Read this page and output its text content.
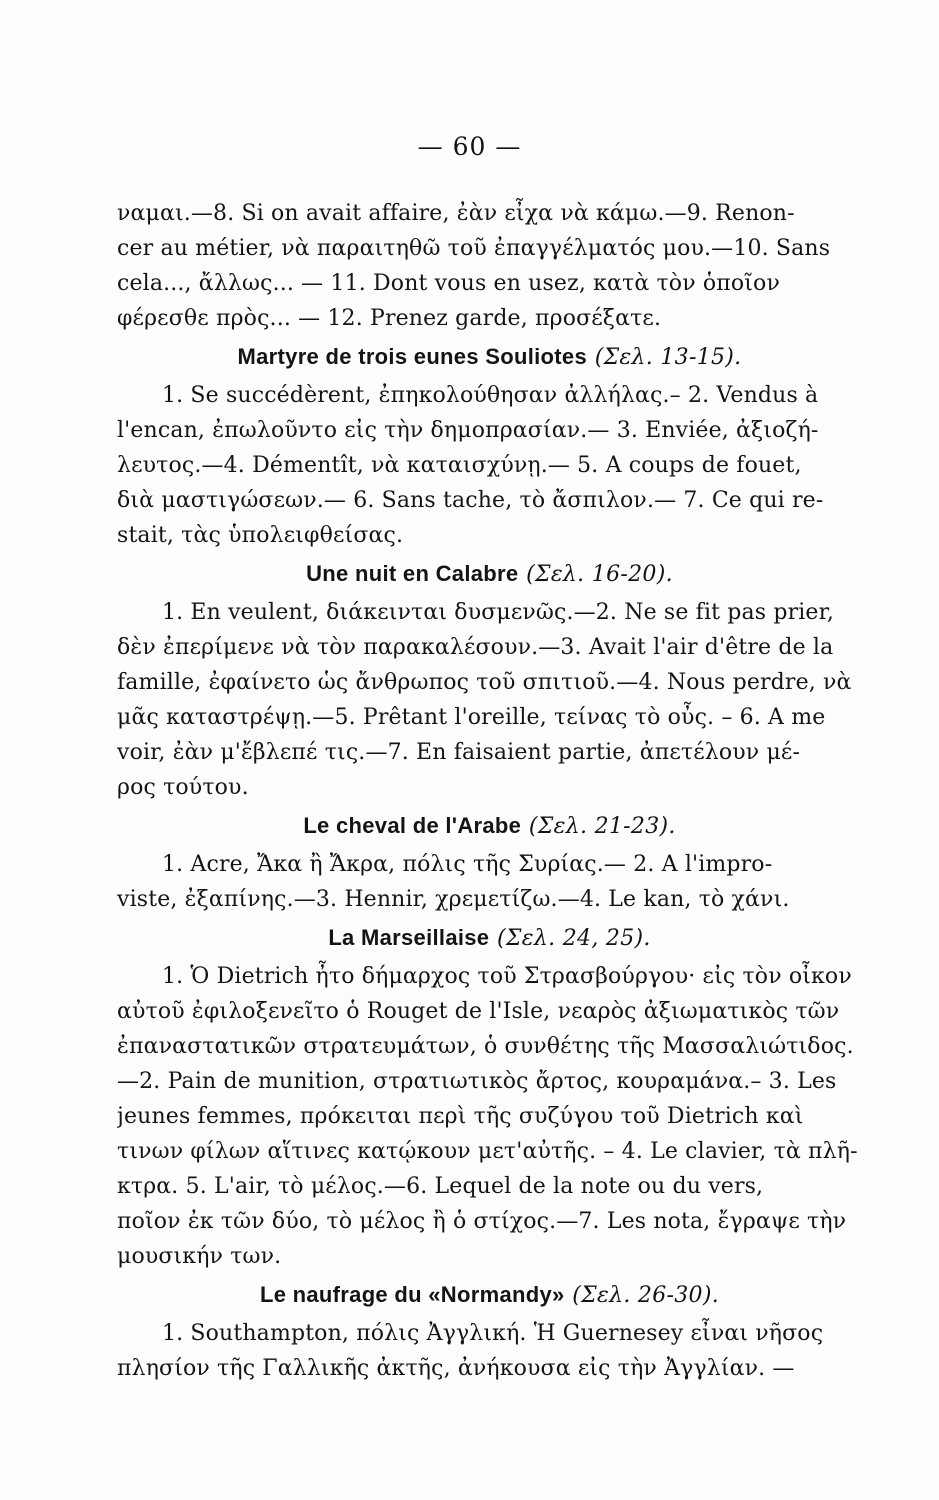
— 60 —
ναμαι.—8. Si on avait affaire, ἐὰν εἶχα νὰ κάμω.—9. Renon-
cer au métier, νὰ παραιτηθῶ τοῦ ἐπαγγέλματός μου.—10. Sans
cela..., ἄλλως... — 11. Dont vous en usez, κατὰ τὸν ὁποῖον
φέρεσθε πρὸς... — 12. Prenez garde, προσέξατε.
Martyre de trois eunes Souliotes (Σελ. 13-15).
1. Se succédèrent, ἐπηκολούθησαν ἀλλήλας.– 2. Vendus à
l'encan, ἐπωλοῦντο εἰς τὴν δημοπρασίαν.— 3. Enviée, ἀξιοζή-
λευτος.—4. Démentît, νὰ καταισχύνῃ.— 5. A coups de fouet,
διὰ μαστιγώσεων.— 6. Sans tache, τὸ ἄσπιλον.— 7. Ce qui re-
stait, τὰς ὑπολειφθείσας.
Une nuit en Calabre (Σελ. 16-20).
1. En veulent, διάκεινται δυσμενῶς.—2. Ne se fit pas prier,
δὲν ἐπερίμενε νὰ τὸν παρακαλέσουν.—3. Avait l'air d'être de la
famille, ἐφαίνετο ὡς ἄνθρωπος τοῦ σπιτιοῦ.—4. Nous perdre, νὰ
μᾶς καταστρέψῃ.—5. Prêtant l'oreille, τείνας τὸ οὖς. – 6. A me
voir, ἐὰν μ'ἔβλεπέ τις.—7. En faisaient partie, ἀπετέλουν μέ-
ρος τούτου.
Le cheval de l'Arabe (Σελ. 21-23).
1. Acre, Ἄκα ἢ Ἄκρα, πόλις τῆς Συρίας.— 2. A l'impro-
viste, ἐξαπίνης.—3. Hennir, χρεμετίζω.—4. Le kan, τὸ χάνι.
La Marseillaise (Σελ. 24, 25).
1. Ὁ Dietrich ἦτο δήμαρχος τοῦ Στρασβούργου· εἰς τὸν οἶκον
αὐτοῦ ἐφιλοξενεῖτο ὁ Rouget de l'Isle, νεαρὸς ἀξιωματικὸς τῶν
ἐπαναστατικῶν στρατευμάτων, ὁ συνθέτης τῆς Μασσαλιώτιδος.
—2. Pain de munition, στρατιωτικὸς ἄρτος, κουραμάνα.– 3. Les
jeunes femmes, πρόκειται περὶ τῆς συζύγου τοῦ Dietrich καὶ
τινων φίλων αἵτινες κατῴκουν μετ'αὐτῆς. – 4. Le clavier, τὰ πλῆ-
κτρα. 5. L'air, τὸ μέλος.—6. Lequel de la note ou du vers,
ποῖον ἐκ τῶν δύο, τὸ μέλος ἢ ὁ στίχος.—7. Les nota, ἔγραψε τὴν
μουσικήν των.
Le naufrage du «Normandy» (Σελ. 26-30).
1. Southampton, πόλις Ἀγγλική. Ἡ Guernesey εἶναι νῆσος
πλησίον τῆς Γαλλικῆς ἀκτῆς, ἀνήκουσα εἰς τὴν Ἀγγλίαν. —
